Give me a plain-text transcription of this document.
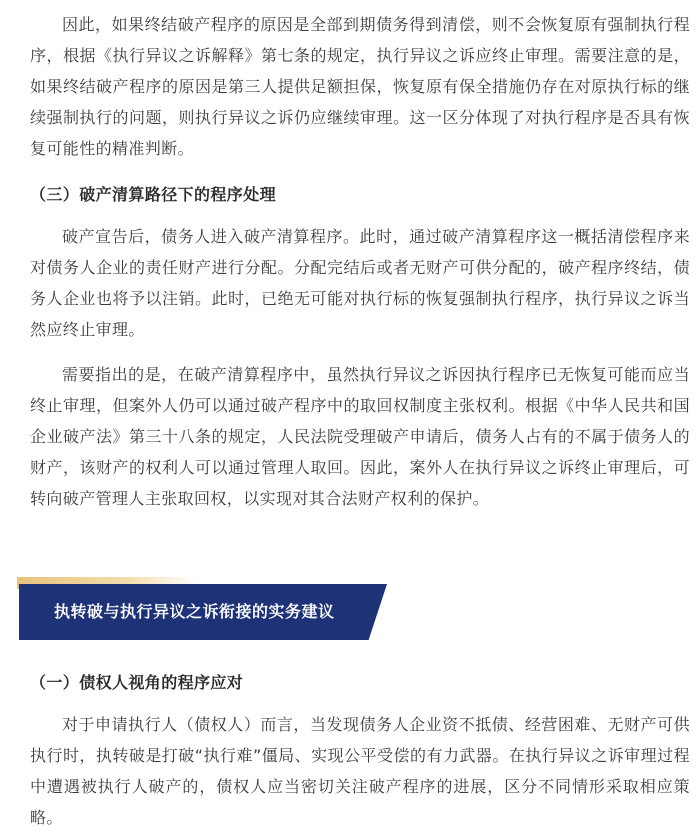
因此，如果终结破产程序的原因是全部到期债务得到清偿，则不会恢复原有强制执行程序，根据《执行异议之诉解释》第七条的规定，执行异议之诉应终止审理。需要注意的是，如果终结破产程序的原因是第三人提供足额担保，恢复原有保全措施仍存在对原执行标的继续强制执行的问题，则执行异议之诉仍应继续审理。这一区分体现了对执行程序是否具有恢复可能性的精准判断。

（三）破产清算路径下的程序处理

破产宣告后，债务人进入破产清算程序。此时，通过破产清算程序这一概括清偿程序来对债务人企业的责任财产进行分配。分配完结后或者无财产可供分配的，破产程序终结，债务人企业也将予以注销。此时，已绝无可能对执行标的恢复强制执行程序，执行异议之诉当然应终止审理。

需要指出的是，在破产清算程序中，虽然执行异议之诉因执行程序已无恢复可能而应当终止审理，但案外人仍可以通过破产程序中的取回权制度主张权利。根据《中华人民共和国企业破产法》第三十八条的规定，人民法院受理破产申请后，债务人占有的不属于债务人的财产，该财产的权利人可以通过管理人取回。因此，案外人在执行异议之诉终止审理后，可转向破产管理人主张取回权，以实现对其合法财产权利的保护。

执转破与执行异议之诉衔接的实务建议
（一）债权人视角的程序应对

对于申请执行人（债权人）而言，当发现债务人企业资不抵债、经营困难、无财产可供执行时，执转破是打破“执行难”僵局、实现公平受偿的有力武器。在执行异议之诉审理过程中遭遇被执行人破产的，债权人应当密切关注破产程序的进展，区分不同情形采取相应策略。
